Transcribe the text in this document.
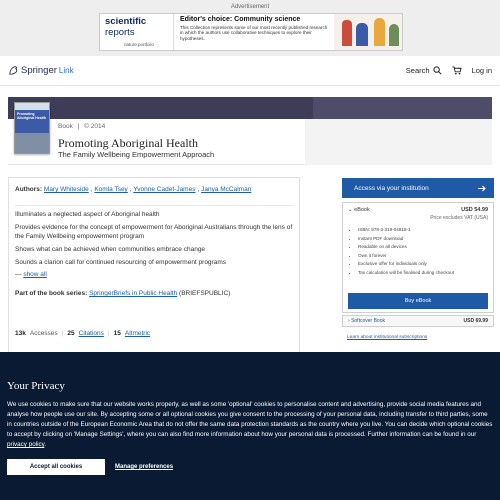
Advertisement
scientific
reports
nature portfolio
Editor's choice: Community science
This Collection represents some of our most recently published research in which the authors use collaborative techniques to explore their hypotheses.
Springer Link	Search	Log in
Promoting Aboriginal Health
Book | © 2014
Promoting Aboriginal Health
The Family Wellbeing Empowerment Approach
Authors: Mary Whiteside , Komla Tsey , Yvonne Cadet-James , Janya McCalman
Illuminates a neglected aspect of Aboriginal health
Provides evidence for the concept of empowerment for Aboriginal Australians through the lens of the Family Wellbeing empowerment program
Shows what can be achieved when communities embrace change
Sounds a clarion call for continued resourcing of empowerment programs
— show all
Part of the book series: SpringerBriefs in Public Health (BRIEFSPUBLIC)
13k Accesses | 25 Citations | 15 Altmetric
Access via your institution
⌄ eBook	USD 54.99
Price excludes VAT (USA)
• ISBN: 978-3-319-04818-1
• Instant PDF download
• Readable on all devices
• Own it forever
• Exclusive offer for individuals only
• Tax calculation will be finalised during checkout
Buy eBook
› Softcover Book	USD 69.99
Learn about institutional subscriptions
Your Privacy
We use cookies to make sure that our website works properly, as well as some 'optional' cookies to personalise content and advertising, provide social media features and analyse how people use our site. By accepting some or all optional cookies you give consent to the processing of your personal data, including transfer to third parties, some in countries outside of the European Economic Area that do not offer the same data protection standards as the country where you live. You can decide which optional cookies to accept by clicking on 'Manage Settings', where you can also find more information about how your personal data is processed. Further information can be found in our privacy policy.
Accept all cookies	Manage preferences
